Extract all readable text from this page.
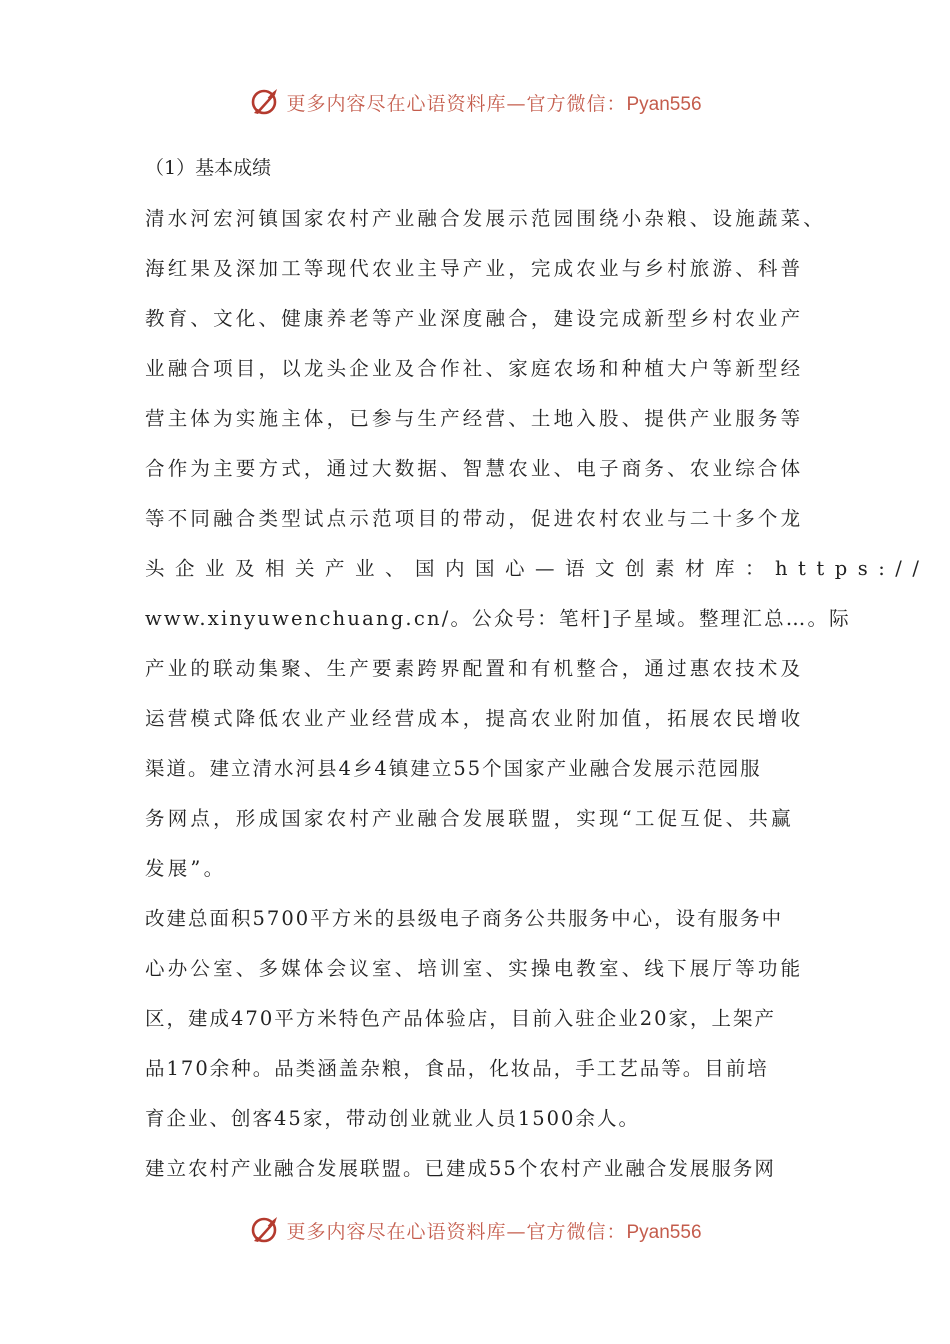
更多内容尽在心语资料库—官方微信：Pyan556
（1）基本成绩
清水河宏河镇国家农村产业融合发展示范园围绕小杂粮、设施蔬菜、
海红果及深加工等现代农业主导产业，完成农业与乡村旅游、科普
教育、文化、健康养老等产业深度融合，建设完成新型乡村农业产
业融合项目，以龙头企业及合作社、家庭农场和种植大户等新型经
营主体为实施主体，已参与生产经营、土地入股、提供产业服务等
合作为主要方式，通过大数据、智慧农业、电子商务、农业综合体
等不同融合类型试点示范项目的带动，促进农村农业与二十多个龙
头企业及相关产业、国内国心—语文创素材库：https://
www.xinyuwenchuang.cn/。公众号：笔杆]子星域。整理汇总…。际
产业的联动集聚、生产要素跨界配置和有机整合，通过惠农技术及
运营模式降低农业产业经营成本，提高农业附加值，拓展农民增收
渠道。建立清水河县4乡4镇建立55个国家产业融合发展示范园服
务网点，形成国家农村产业融合发展联盟，实现“工促互促、共赢
发展”。
改建总面积5700平方米的县级电子商务公共服务中心，设有服务中
心办公室、多媒体会议室、培训室、实操电教室、线下展厅等功能
区，建成470平方米特色产品体验店，目前入驻企业20家，上架产
品170余种。品类涵盖杂粮，食品，化妆品，手工艺品等。目前培
育企业、创客45家，带动创业就业人员1500余人。
建立农村产业融合发展联盟。已建成55个农村产业融合发展服务网
更多内容尽在心语资料库—官方微信：Pyan556
